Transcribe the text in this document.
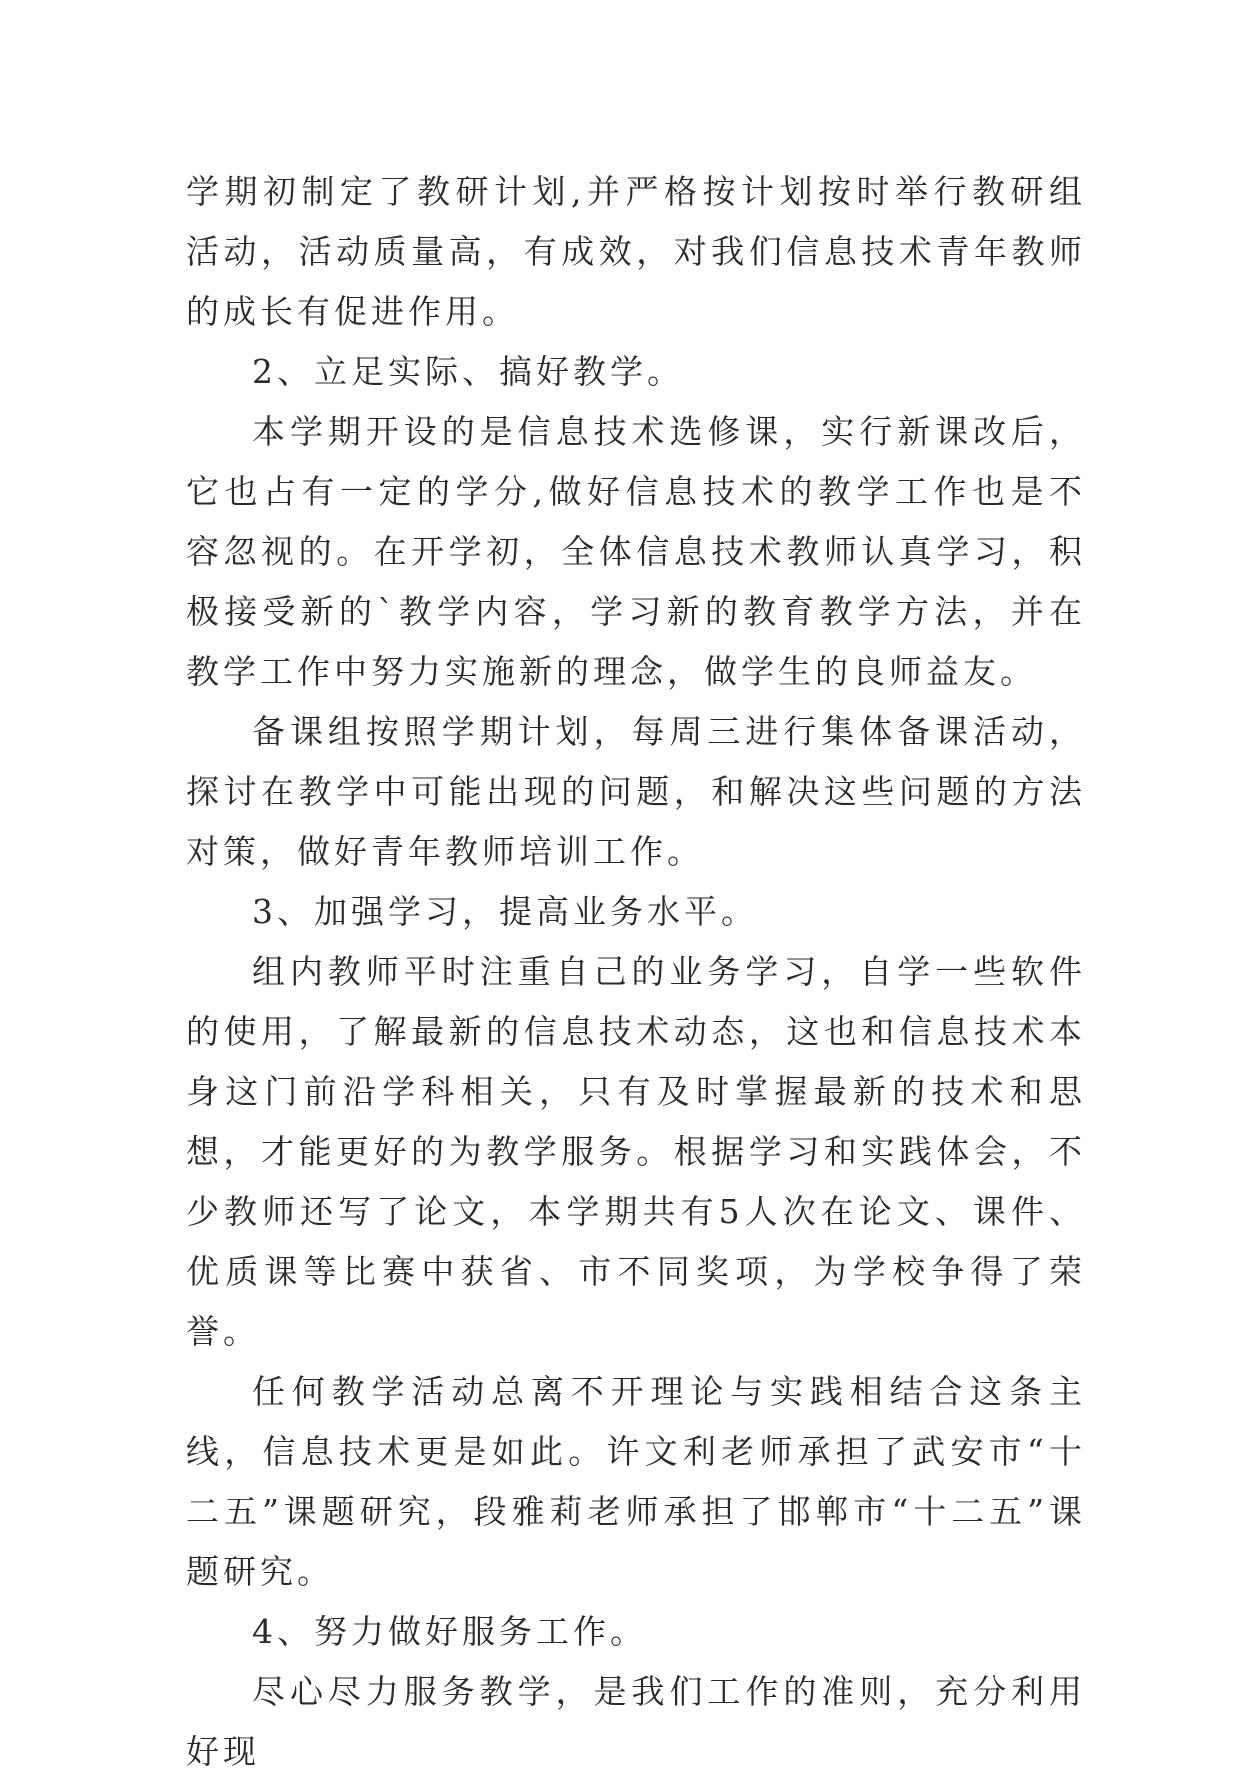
学期初制定了教研计划,并严格按计划按时举行教研组活动，活动质量高，有成效，对我们信息技术青年教师的成长有促进作用。

2、立足实际、搞好教学。

本学期开设的是信息技术选修课，实行新课改后，它也占有一定的学分,做好信息技术的教学工作也是不容忽视的。在开学初，全体信息技术教师认真学习，积极接受新的`教学内容，学习新的教育教学方法，并在教学工作中努力实施新的理念，做学生的良师益友。

备课组按照学期计划，每周三进行集体备课活动，探讨在教学中可能出现的问题，和解决这些问题的方法对策，做好青年教师培训工作。

3、加强学习，提高业务水平。

组内教师平时注重自己的业务学习，自学一些软件的使用，了解最新的信息技术动态，这也和信息技术本身这门前沿学科相关，只有及时掌握最新的技术和思想，才能更好的为教学服务。根据学习和实践体会，不少教师还写了论文，本学期共有5人次在论文、课件、优质课等比赛中获省、市不同奖项，为学校争得了荣誉。

任何教学活动总离不开理论与实践相结合这条主线，信息技术更是如此。许文利老师承担了武安市“十二五”课题研究，段雅莉老师承担了邯郸市“十二五”课题研究。

4、努力做好服务工作。

尽心尽力服务教学，是我们工作的准则，充分利用好现
